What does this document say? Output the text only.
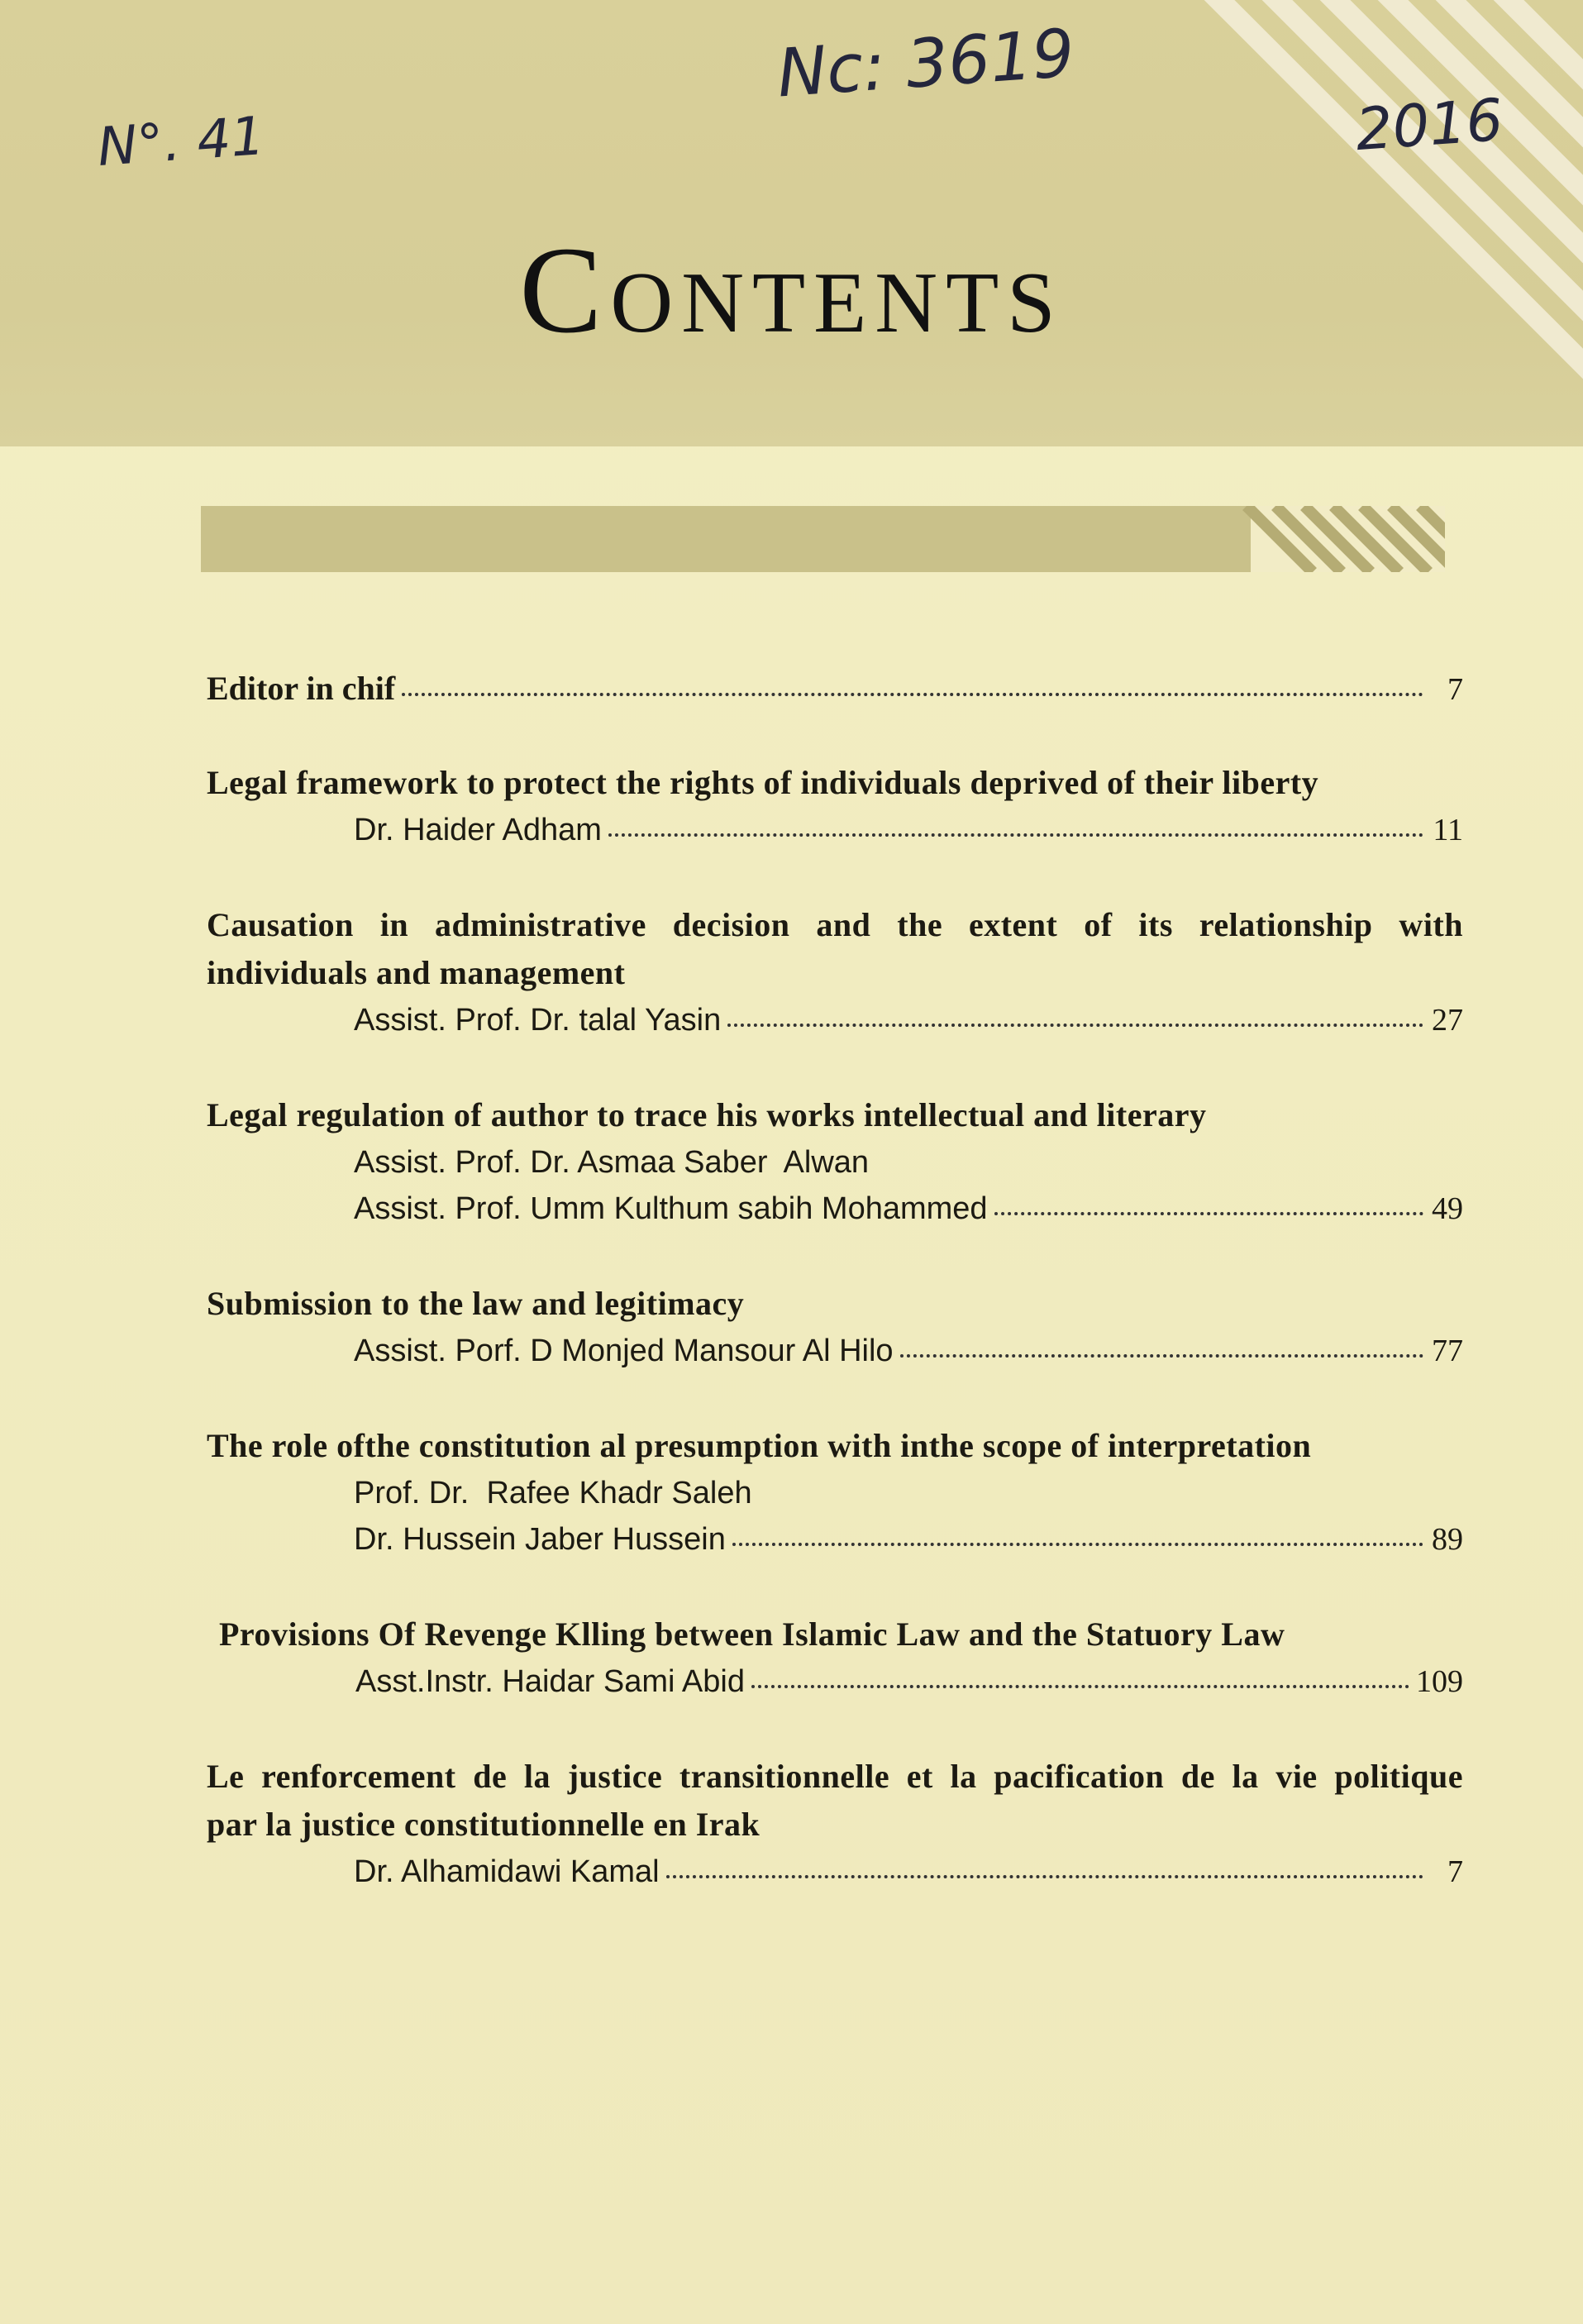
N°. 41
Nc: 3619
2016
Contents
Editor in chif	7
Legal framework to protect the rights of individuals deprived of their liberty
Dr. Haider Adham	11
Causation in administrative decision and the extent of its relationship with
individuals and management
Assist. Prof. Dr. talal Yasin	27
Legal regulation of author to trace his works intellectual and literary
Assist. Prof. Dr. Asmaa Saber  Alwan
Assist. Prof. Umm Kulthum sabih Mohammed	49
Submission to the law and legitimacy
Assist. Porf. D Monjed Mansour Al Hilo	77
The role ofthe constitution al presumption with inthe scope of interpretation
Prof. Dr.  Rafee Khadr Saleh
Dr. Hussein Jaber Hussein	89
Provisions Of Revenge Klling between Islamic Law and the Statuory Law
Asst.Instr. Haidar Sami Abid	109
Le renforcement de la justice transitionnelle et la pacification de la vie politique
par la justice constitutionnelle en Irak
Dr. Alhamidawi Kamal	7
